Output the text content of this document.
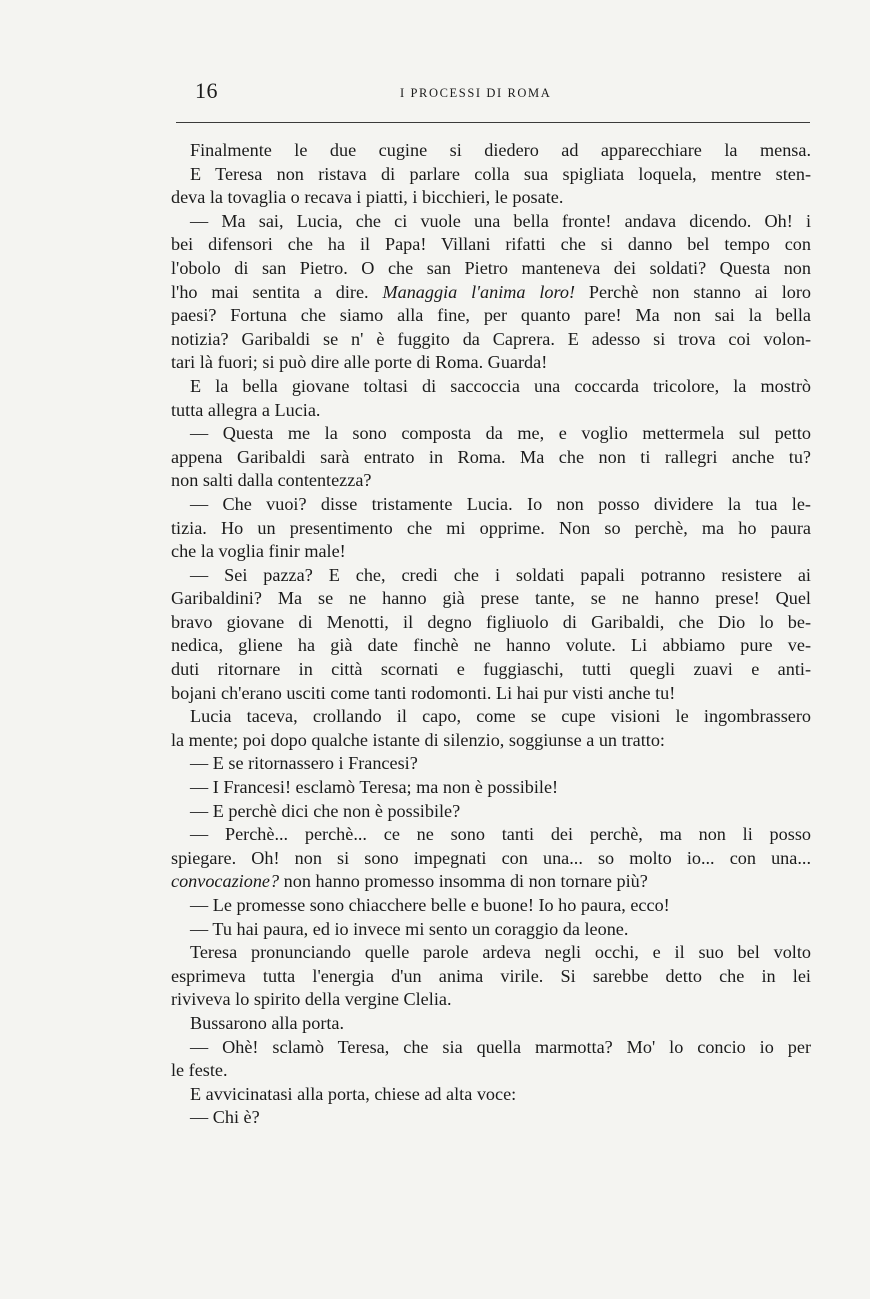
16	I PROCESSI DI ROMA
Finalmente le due cugine si diedero ad apparecchiare la mensa.
E Teresa non ristava di parlare colla sua spigliata loquela, mentre sten-
deva la tovaglia o recava i piatti, i bicchieri, le posate.
— Ma sai, Lucia, che ci vuole una bella fronte! andava dicendo. Oh! i
bei difensori che ha il Papa! Villani rifatti che si danno bel tempo con
l'obolo di san Pietro. O che san Pietro manteneva dei soldati? Questa non
l'ho mai sentita a dire. Managgia l'anima loro! Perchè non stanno ai loro
paesi? Fortuna che siamo alla fine, per quanto pare! Ma non sai la bella
notizia? Garibaldi se n' è fuggito da Caprera. E adesso si trova coi volon-
tari là fuori; si può dire alle porte di Roma. Guarda!
E la bella giovane toltasi di saccoccia una coccarda tricolore, la mostrò
tutta allegra a Lucia.
— Questa me la sono composta da me, e voglio mettermela sul petto
appena Garibaldi sarà entrato in Roma. Ma che non ti rallegri anche tu?
non salti dalla contentezza?
— Che vuoi? disse tristamente Lucia. Io non posso dividere la tua le-
tizia. Ho un presentimento che mi opprime. Non so perchè, ma ho paura
che la voglia finir male!
— Sei pazza? E che, credi che i soldati papali potranno resistere ai
Garibaldini? Ma se ne hanno già prese tante, se ne hanno prese! Quel
bravo giovane di Menotti, il degno figliuolo di Garibaldi, che Dio lo be-
nedica, gliene ha già date finchè ne hanno volute. Li abbiamo pure ve-
duti ritornare in città scornati e fuggiaschi, tutti quegli zuavi e anti-
bojani ch'erano usciti come tanti rodomonti. Li hai pur visti anche tu!
Lucia taceva, crollando il capo, come se cupe visioni le ingombrassero
la mente; poi dopo qualche istante di silenzio, soggiunse a un tratto:
— E se ritornassero i Francesi?
— I Francesi! esclamò Teresa; ma non è possibile!
— E perchè dici che non è possibile?
— Perchè... perchè... ce ne sono tanti dei perchè, ma non li posso
spiegare. Oh! non si sono impegnati con una... so molto io... con una...
convocazione? non hanno promesso insomma di non tornare più?
— Le promesse sono chiacchere belle e buone! Io ho paura, ecco!
— Tu hai paura, ed io invece mi sento un coraggio da leone.
Teresa pronunciando quelle parole ardeva negli occhi, e il suo bel volto
esprimeva tutta l'energia d'un anima virile. Si sarebbe detto che in lei
riviveva lo spirito della vergine Clelia.
Bussarono alla porta.
— Ohè! sclamò Teresa, che sia quella marmotta? Mo' lo concio io per
le feste.
E avvicinatasi alla porta, chiese ad alta voce:
— Chi è?
